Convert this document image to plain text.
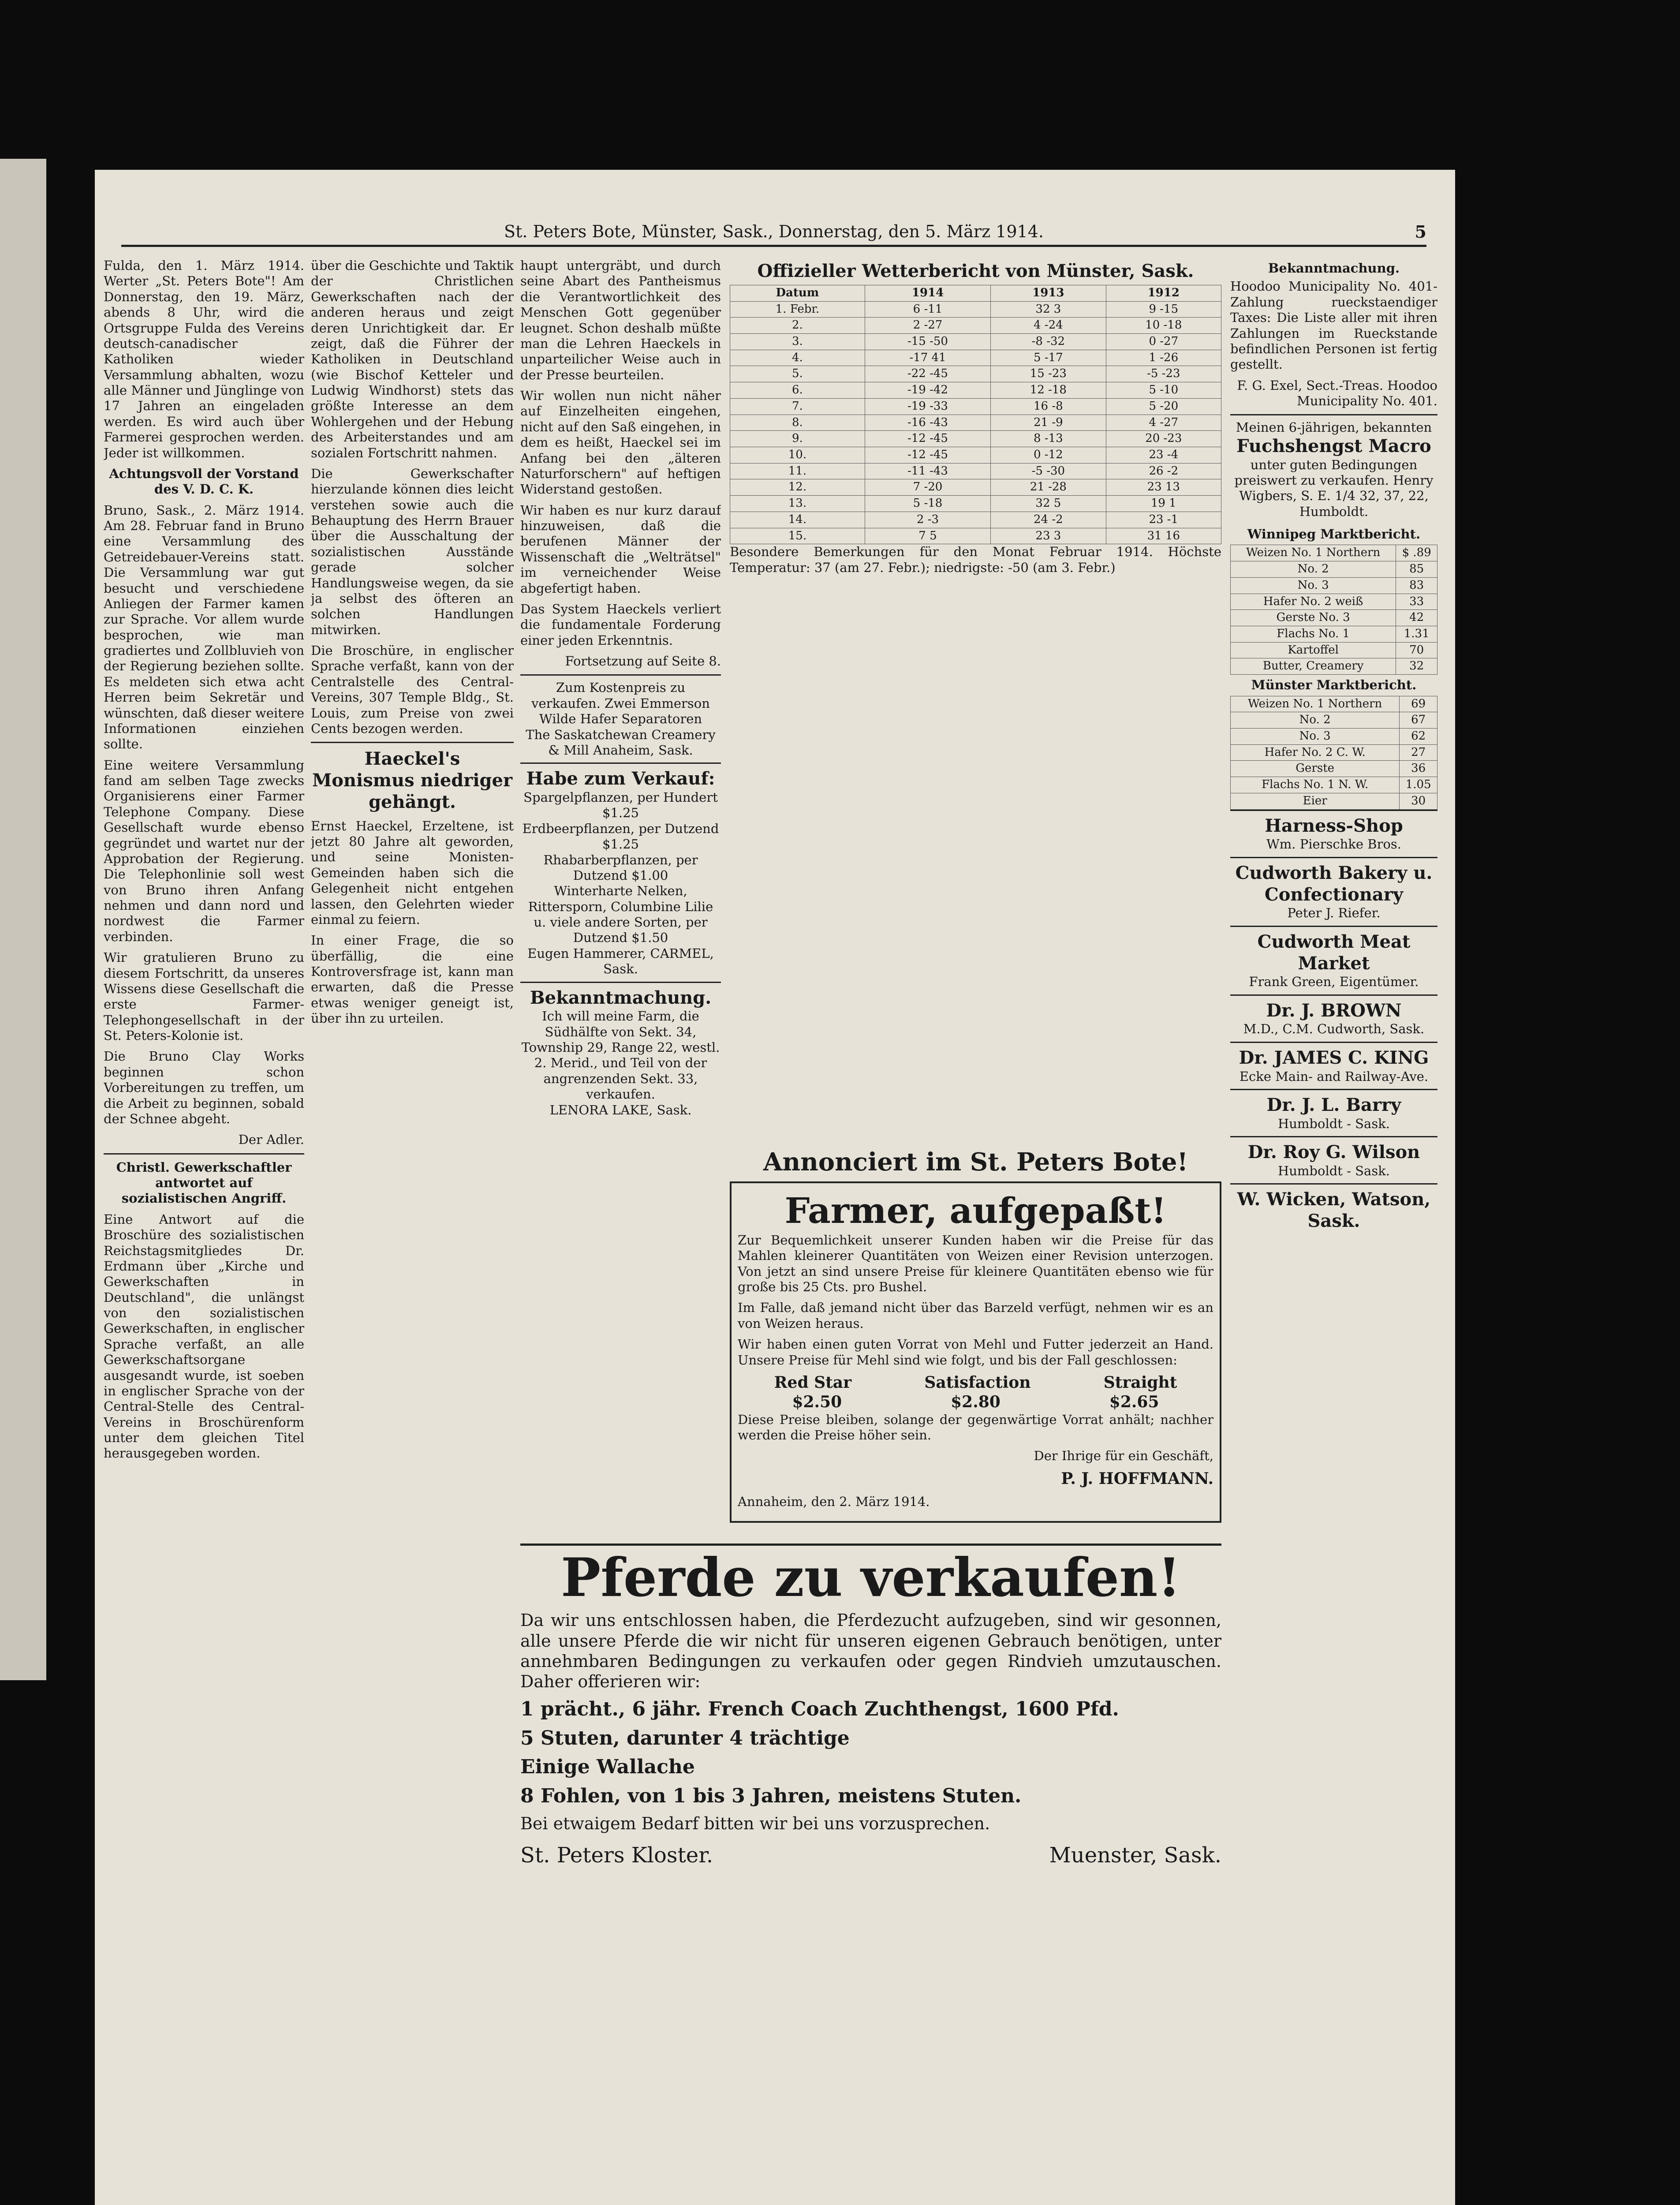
St. Peters Bote, Münster, Sask., Donnerstag, den 5. März 1914.	5

Fulda, den 1. März 1914. Werter „St. Peters Bote"! Am Donnerstag, den 19. März, abends 8 Uhr, wird die Ortsgruppe Fulda des Vereins deutsch-canadischer Katholiken wieder Versammlung abhalten, wozu alle Männer und Jünglinge von 17 Jahren an eingeladen werden. Es wird auch über Farmerei gesprochen werden. Jeder ist willkommen.

Achtungsvoll der Vorstand des V. D. C. K.

Bruno, Sask., 2. März 1914. Am 28. Februar fand in Bruno eine Versammlung des Getreidebauer-Vereins statt. Die Versammlung war gut besucht und verschiedene Anliegen der Farmer kamen zur Sprache. Vor allem wurde besprochen, wie man gradiertes und Zollbluvieh von der Regierung beziehen sollte. Es meldeten sich etwa acht Herren beim Sekretär und wünschten, daß dieser weitere Informationen einziehen sollte.

Eine weitere Versammlung fand am selben Tage zwecks Organisierens einer Farmer Telephone Company. Diese Gesellschaft wurde ebenso gegründet und wartet nur der Approbation der Regierung. Die Telephonlinie soll west von Bruno ihren Anfang nehmen und dann nord und nordwest die Farmer verbinden.

Wir gratulieren Bruno zu diesem Fortschritt, da unseres Wissens diese Gesellschaft die erste Farmer-Telephongesellschaft in der St. Peters-Kolonie ist.

Die Bruno Clay Works beginnen schon Vorbereitungen zu treffen, um die Arbeit zu beginnen, sobald der Schnee abgeht.

Der Adler.

Christl. Gewerkschaftler antwortet auf sozialistischen Angriff.

Eine Antwort auf die Broschüre des sozialistischen Reichstagsmitgliedes Dr. Erdmann über „Kirche und Gewerkschaften in Deutschland", die unlängst von den sozialistischen Gewerkschaften, in englischer Sprache verfaßt, an alle Gewerkschaftsorgane ausgesandt wurde, ist soeben in englischer Sprache von der Central-Stelle des Central-Vereins in Broschürenform unter dem gleichen Titel herausgegeben worden.

über die Geschichte und Taktik der Christlichen Gewerkschaften nach der anderen heraus und zeigt deren Unrichtigkeit dar. Er zeigt, daß die Führer der Katholiken in Deutschland (wie Bischof Ketteler und Ludwig Windhorst) stets das größte Interesse an dem Wohlergehen und der Hebung des Arbeiterstandes und am sozialen Fortschritt nahmen.

Die Gewerkschafter hierzulande können dies leicht verstehen sowie auch die Behauptung des Herrn Brauer über die Ausschaltung der sozialistischen Ausstände gerade solcher Handlungsweise wegen, da sie ja selbst des öfteren an solchen Handlungen mitwirken.

Die Broschüre, in englischer Sprache verfaßt, kann von der Centralstelle des Central-Vereins, 307 Temple Bldg., St. Louis, zum Preise von zwei Cents bezogen werden.

Haeckel's Monismus niedriger gehängt.

Ernst Haeckel, Erzeltene, ist jetzt 80 Jahre alt geworden, und seine Monisten-Gemeinden haben sich die Gelegenheit nicht entgehen lassen, den Gelehrten wieder einmal zu feiern.

In einer Frage, die so überfällig, die eine Kontroversfrage ist, kann man erwarten, daß die Presse etwas weniger geneigt ist, über ihn zu urteilen.

haupt untergräbt, und durch seine Abart des Pantheismus die Verantwortlichkeit des Menschen Gott gegenüber leugnet. Schon deshalb müßte man die Lehren Haeckels in unparteilicher Weise auch in der Presse beurteilen.

Wir wollen nun nicht näher auf Einzelheiten eingehen, nicht auf den Saß eingehen, in dem es heißt, Haeckel sei im Anfang bei den „älteren Naturforschern" auf heftigen Widerstand gestoßen.

Wir haben es nur kurz darauf hinzuweisen, daß die berufenen Männer der Wissenschaft die „Welträtsel" im verneichender Weise abgefertigt haben.

Das System Haeckels verliert die fundamentale Forderung einer jeden Erkenntnis.

Fortsetzung auf Seite 8.

Zum Kostenpreis zu verkaufen. Zwei Emmerson Wilde Hafer Separatoren
The Saskatchewan Creamery & Mill Anaheim, Sask.
Habe zum Verkauf:
Spargelpflanzen, per Hundert $1.25
Erdbeerpflanzen, per Dutzend $1.25
Rhabarberpflanzen, per Dutzend $1.00
Winterharte Nelken, Rittersporn, Columbine Lilie u. viele andere Sorten, per Dutzend $1.50
Eugen Hammerer, CARMEL, Sask.
Bekanntmachung.
Ich will meine Farm, die Südhälfte von Sekt. 34, Township 29, Range 22, westl. 2. Merid., und Teil von der angrenzenden Sekt. 33, verkaufen.
LENORA LAKE, Sask.
Offizieller Wetterbericht von Münster, Sask.
Datum	1914	1913	1912
1. Febr.	6 -11	32 3	9 -15
2.	2 -27	4 -24	10 -18
3.	-15 -50	-8 -32	0 -27
4.	-17 41	5 -17	1 -26
5.	-22 -45	15 -23	-5 -23
6.	-19 -42	12 -18	5 -10
7.	-19 -33	16 -8	5 -20
8.	-16 -43	21 -9	4 -27
9.	-12 -45	8 -13	20 -23
10.	-12 -45	0 -12	23 -4
11.	-11 -43	-5 -30	26 -2
12.	7 -20	21 -28	23 13
13.	5 -18	32 5	19 1
14.	2 -3	24 -2	23 -1
15.	7 5	23 3	31 16

Besondere Bemerkungen für den Monat Februar 1914. Höchste Temperatur: 37 (am 27. Febr.); niedrigste: -50 (am 3. Febr.)

Annonciert im St. Peters Bote!
Farmer, aufgepaßt!

Zur Bequemlichkeit unserer Kunden haben wir die Preise für das Mahlen kleinerer Quantitäten von Weizen einer Revision unterzogen. Von jetzt an sind unsere Preise für kleinere Quantitäten ebenso wie für große bis 25 Cts. pro Bushel.

Im Falle, daß jemand nicht über das Barzeld verfügt, nehmen wir es an von Weizen heraus.

Wir haben einen guten Vorrat von Mehl und Futter jederzeit an Hand. Unsere Preise für Mehl sind wie folgt, und bis der Fall geschlossen:

Red Star	Satisfaction	Straight
$2.50	$2.80	$2.65

Diese Preise bleiben, solange der gegenwärtige Vorrat anhält; nachher werden die Preise höher sein.

Der Ihrige für ein Geschäft,

P. J. HOFFMANN.

Annaheim, den 2. März 1914.

Pferde zu verkaufen!

Da wir uns entschlossen haben, die Pferdezucht aufzugeben, sind wir gesonnen, alle unsere Pferde die wir nicht für unseren eigenen Gebrauch benötigen, unter annehmbaren Bedingungen zu verkaufen oder gegen Rindvieh umzutauschen. Daher offerieren wir:

1 prächt., 6 jähr. French Coach Zuchthengst, 1600 Pfd.

5 Stuten, darunter 4 trächtige

Einige Wallache

8 Fohlen, von 1 bis 3 Jahren, meistens Stuten.

Bei etwaigem Bedarf bitten wir bei uns vorzusprechen.

St. Peters Kloster.	Muenster, Sask.
Bekanntmachung.

Hoodoo Municipality No. 401- Zahlung rueckstaendiger Taxes: Die Liste aller mit ihren Zahlungen im Rueckstande befindlichen Personen ist fertig gestellt.

F. G. Exel, Sect.-Treas. Hoodoo Municipality No. 401.

Meinen 6-jährigen, bekannten
Fuchshengst Macro
unter guten Bedingungen preiswert zu verkaufen. Henry Wigbers, S. E. 1/4 32, 37, 22, Humboldt.
Winnipeg Marktbericht.
Weizen No. 1 Northern	$ .89
No. 2	85
No. 3	83
Hafer No. 2 weiß	33
Gerste No. 3	42
Flachs No. 1	1.31
Kartoffel	70
Butter, Creamery	32
Münster Marktbericht.
Weizen No. 1 Northern	69
No. 2	67
No. 3	62
Hafer No. 2 C. W.	27
Gerste	36
Flachs No. 1 N. W.	1.05
Eier	30
Harness-Shop
Wm. Pierschke Bros.
Cudworth Bakery u. Confectionary
Peter J. Riefer.
Cudworth Meat Market
Frank Green, Eigentümer.
Dr. J. BROWN
M.D., C.M. Cudworth, Sask.
Dr. JAMES C. KING
Ecke Main- and Railway-Ave.
Dr. J. L. Barry
Humboldt - Sask.
Dr. Roy G. Wilson
Humboldt - Sask.
W. Wicken, Watson, Sask.
